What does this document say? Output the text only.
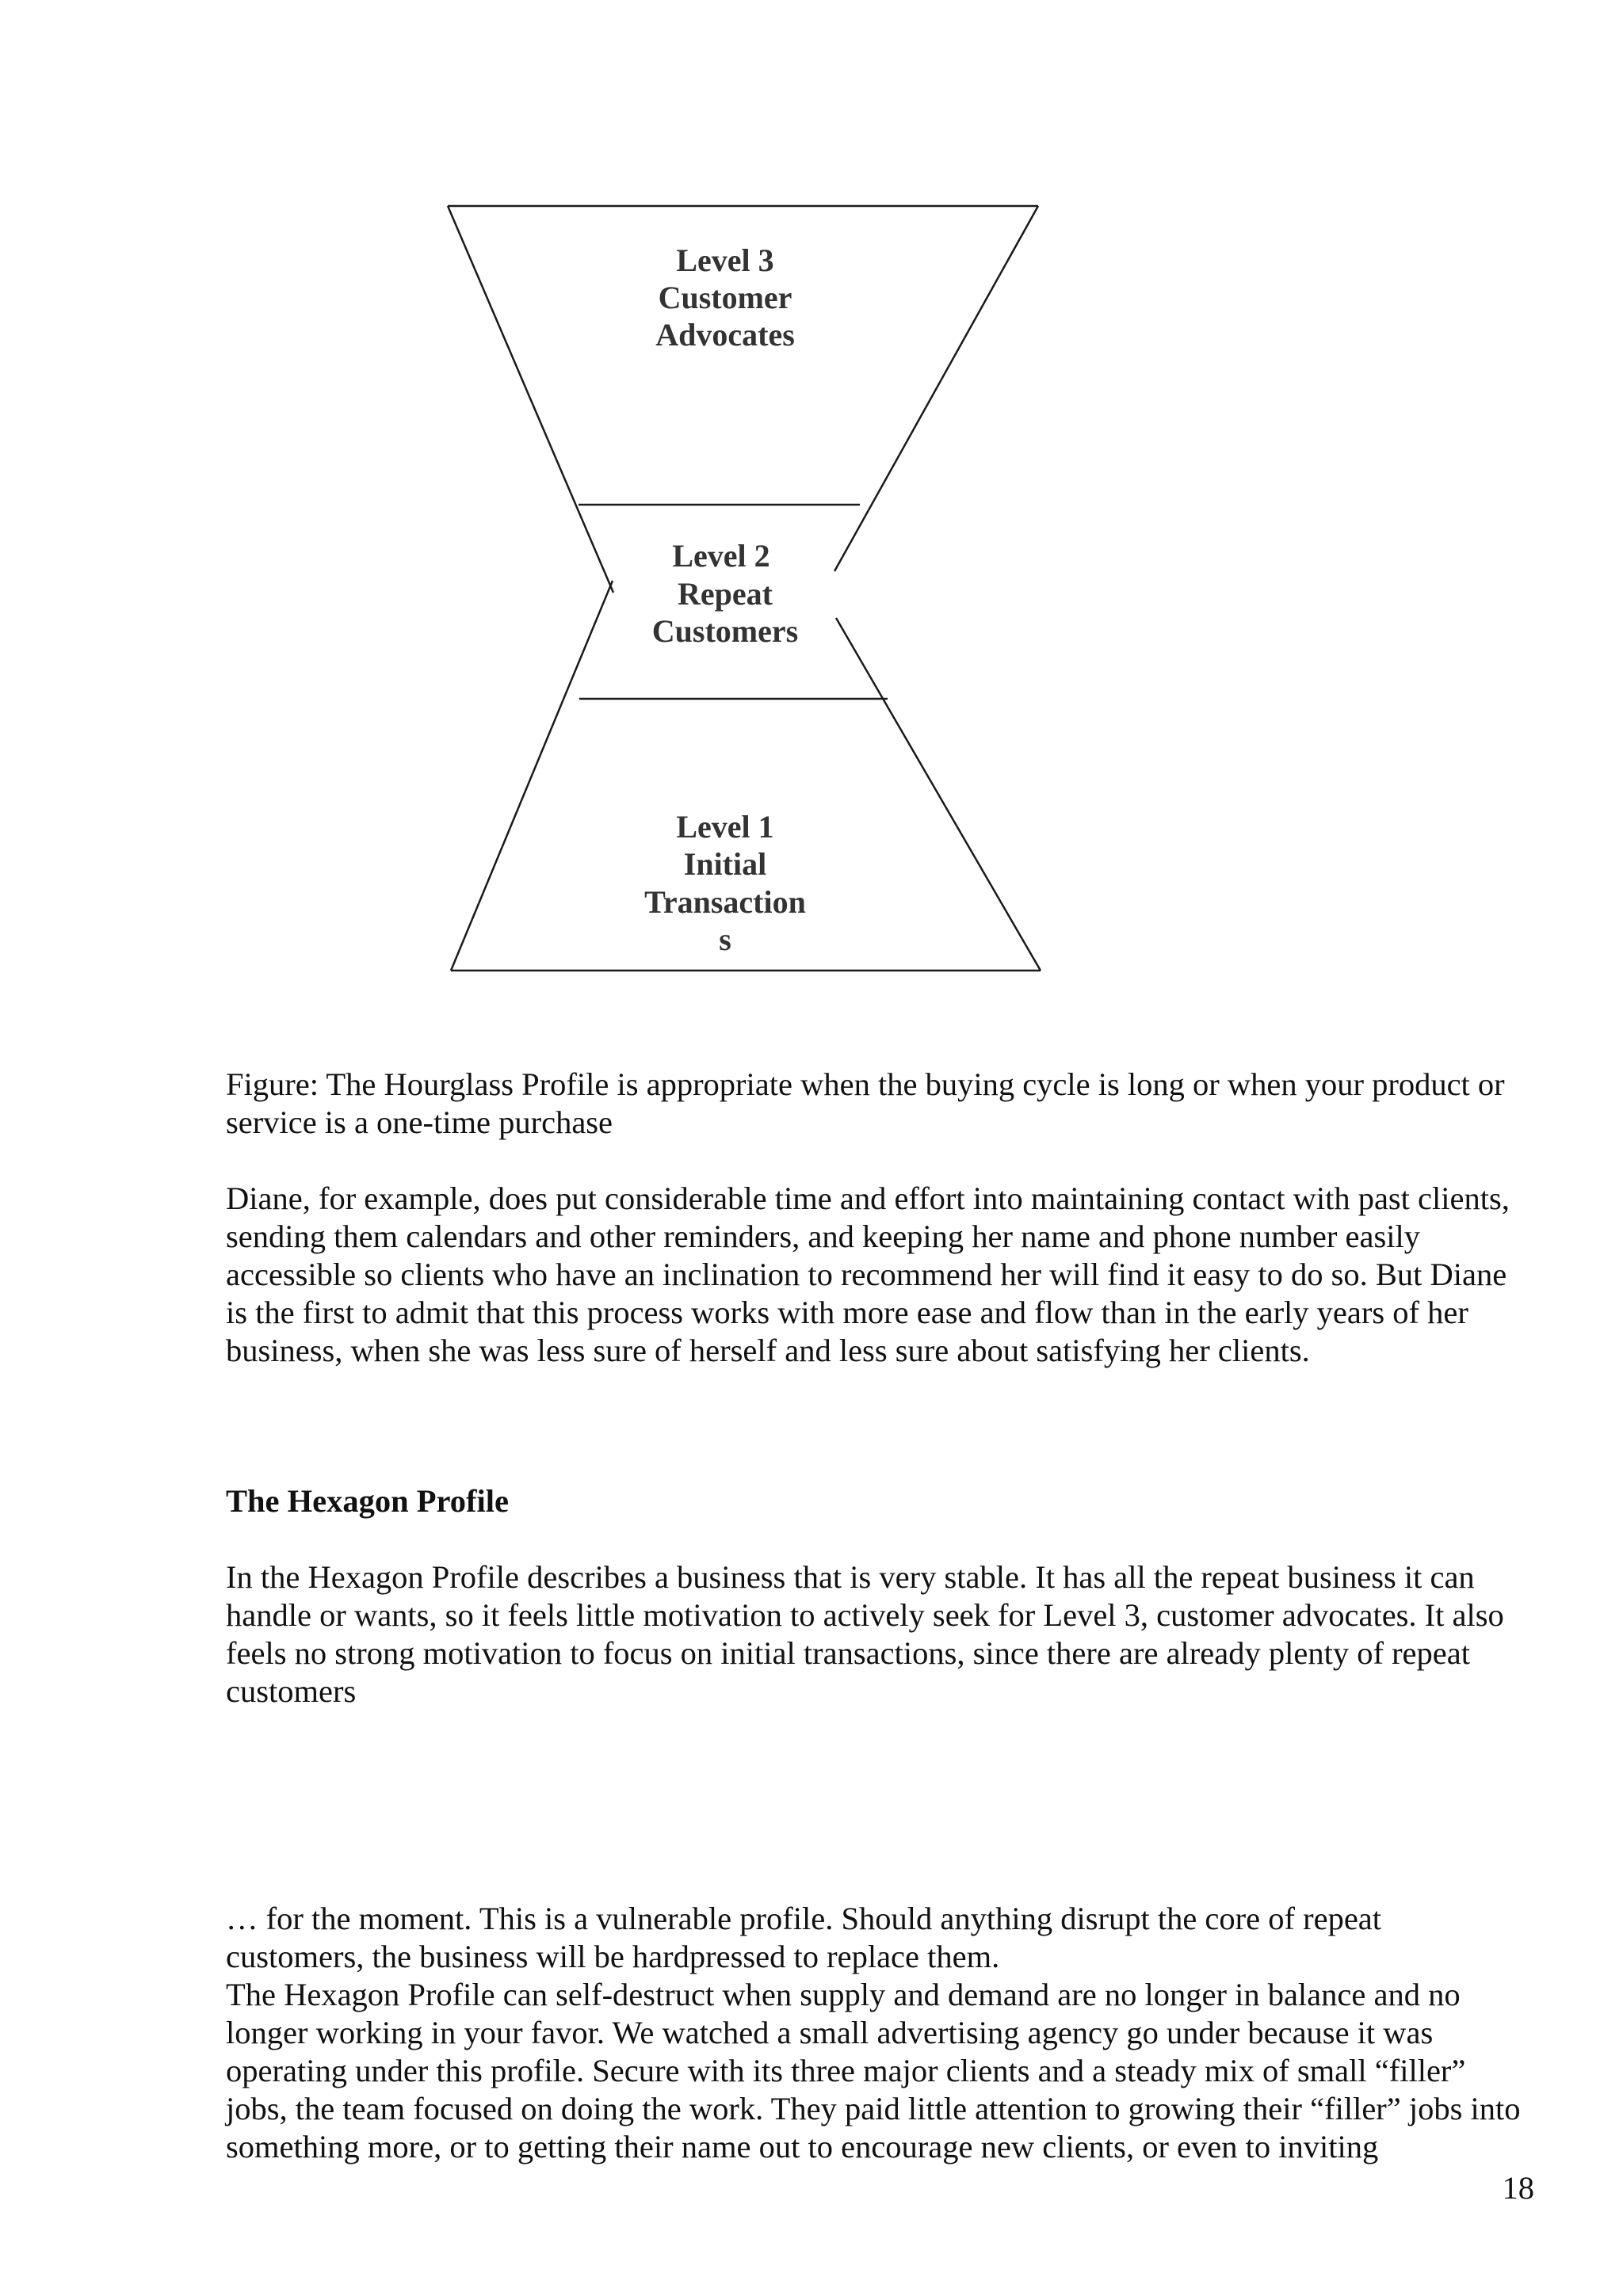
Level 3
Customer
Advocates
Level 2
Repeat
Customers
Level 1
Initial
Transaction
s

Figure: The Hourglass Profile is appropriate when the buying cycle is long or when your product or service is a one-time purchase

Diane, for example, does put considerable time and effort into maintaining contact with past clients, sending them calendars and other reminders, and keeping her name and phone number easily accessible so clients who have an inclination to recommend her will find it easy to do so. But Diane is the first to admit that this process works with more ease and flow than in the early years of her business, when she was less sure of herself and less sure about satisfying her clients.

The Hexagon Profile

In the Hexagon Profile describes a business that is very stable. It has all the repeat business it can handle or wants, so it feels little motivation to actively seek for Level 3, customer advocates. It also feels no strong motivation to focus on initial transactions, since there are already plenty of repeat customers

… for the moment. This is a vulnerable profile. Should anything disrupt the core of repeat customers, the business will be hardpressed to replace them.

The Hexagon Profile can self-destruct when supply and demand are no longer in balance and no longer working in your favor. We watched a small advertising agency go under because it was operating under this profile. Secure with its three major clients and a steady mix of small “filler” jobs, the team focused on doing the work. They paid little attention to growing their “filler” jobs into something more, or to getting their name out to encourage new clients, or even to inviting

18
